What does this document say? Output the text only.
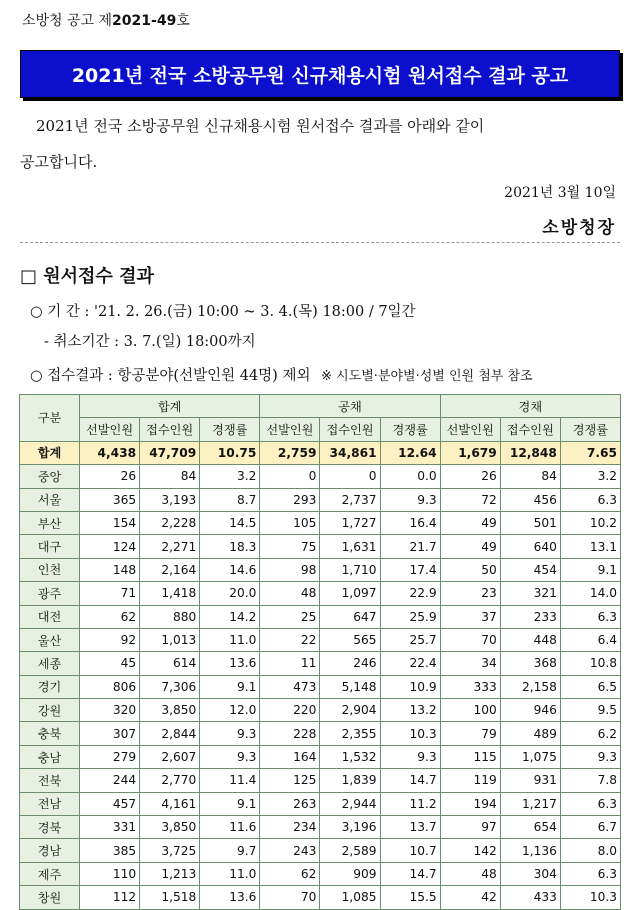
소방청 공고 제2021-49호
2021년 전국 소방공무원 신규채용시험 원서접수 결과 공고
2021년 전국 소방공무원 신규채용시험 원서접수 결과를 아래와 같이
공고합니다.
2021년 3월 10일
소방청장
□ 원서접수 결과
○ 기 간 : '21. 2. 26.(금) 10:00 ~ 3. 4.(목) 18:00 / 7일간
- 취소기간 : 3. 7.(일) 18:00까지
○ 접수결과 : 항공분야(선발인원 44명) 제외 ※ 시도별·분야별·성별 인원 첨부 참조
구분	합계			공채			경채		
	선발인원	접수인원	경쟁률	선발인원	접수인원	경쟁률	선발인원	접수인원	경쟁률
합계	4,438	47,709	10.75	2,759	34,861	12.64	1,679	12,848	7.65
중앙	26	84	3.2	0	0	0.0	26	84	3.2
서울	365	3,193	8.7	293	2,737	9.3	72	456	6.3
부산	154	2,228	14.5	105	1,727	16.4	49	501	10.2
대구	124	2,271	18.3	75	1,631	21.7	49	640	13.1
인천	148	2,164	14.6	98	1,710	17.4	50	454	9.1
광주	71	1,418	20.0	48	1,097	22.9	23	321	14.0
대전	62	880	14.2	25	647	25.9	37	233	6.3
울산	92	1,013	11.0	22	565	25.7	70	448	6.4
세종	45	614	13.6	11	246	22.4	34	368	10.8
경기	806	7,306	9.1	473	5,148	10.9	333	2,158	6.5
강원	320	3,850	12.0	220	2,904	13.2	100	946	9.5
충북	307	2,844	9.3	228	2,355	10.3	79	489	6.2
충남	279	2,607	9.3	164	1,532	9.3	115	1,075	9.3
전북	244	2,770	11.4	125	1,839	14.7	119	931	7.8
전남	457	4,161	9.1	263	2,944	11.2	194	1,217	6.3
경북	331	3,850	11.6	234	3,196	13.7	97	654	6.7
경남	385	3,725	9.7	243	2,589	10.7	142	1,136	8.0
제주	110	1,213	11.0	62	909	14.7	48	304	6.3
창원	112	1,518	13.6	70	1,085	15.5	42	433	10.3
